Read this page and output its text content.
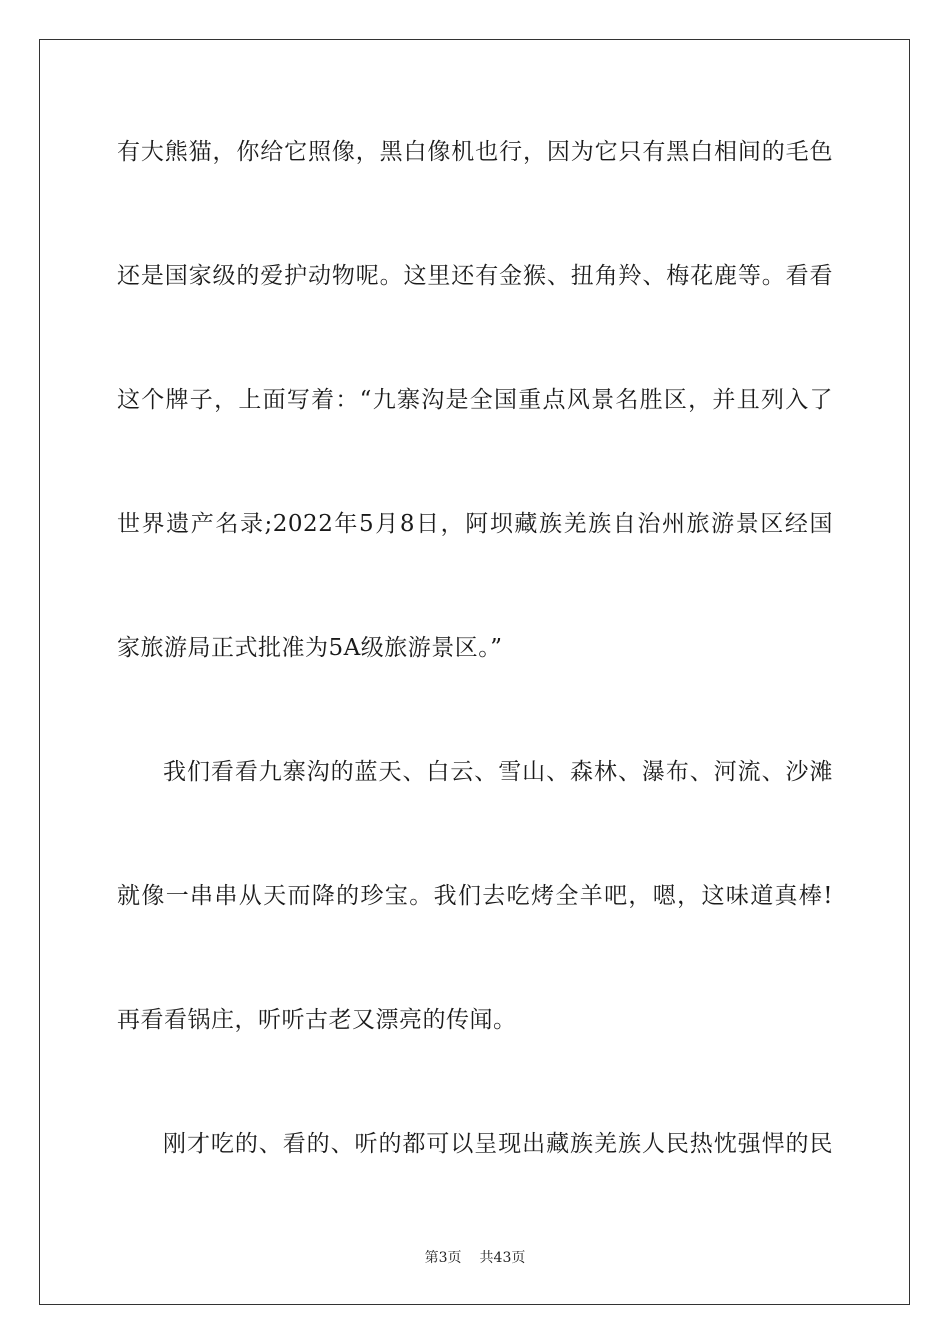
有大熊猫，你给它照像，黑白像机也行，因为它只有黑白相间的毛色
还是国家级的爱护动物呢。这里还有金猴、扭角羚、梅花鹿等。看看
这个牌子，上面写着：“九寨沟是全国重点风景名胜区，并且列入了
世界遗产名录;2022年5月8日，阿坝藏族羌族自治州旅游景区经国
家旅游局正式批准为5A级旅游景区。”
我们看看九寨沟的蓝天、白云、雪山、森林、瀑布、河流、沙滩
就像一串串从天而降的珍宝。我们去吃烤全羊吧，嗯，这味道真棒!
再看看锅庄，听听古老又漂亮的传闻。
刚才吃的、看的、听的都可以呈现出藏族羌族人民热忱强悍的民
第3页 共43页
